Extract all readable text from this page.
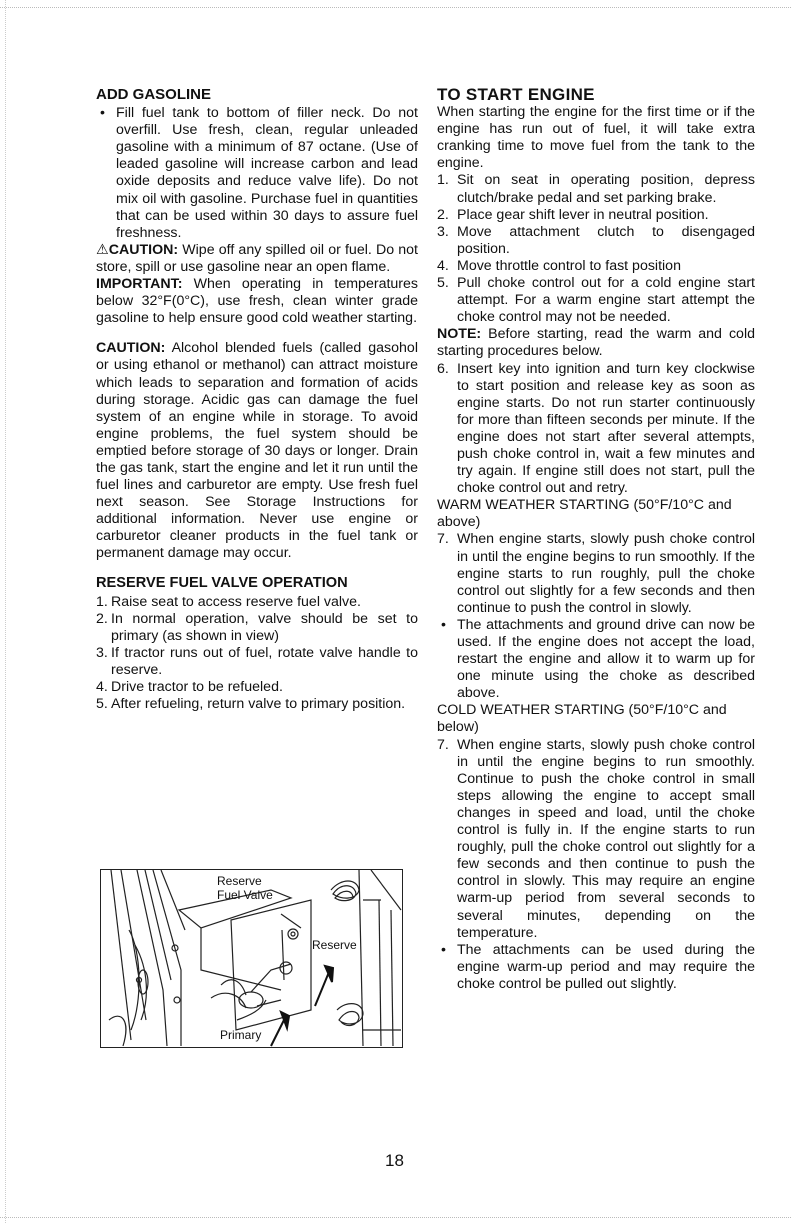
ADD GASOLINE
• Fill fuel tank to bottom of filler neck. Do not overfill. Use fresh, clean, regular unleaded gasoline with a minimum of 87 octane. (Use of leaded gasoline will increase carbon and lead oxide deposits and reduce valve life). Do not mix oil with gasoline. Purchase fuel in quantities that can be used within 30 days to assure fuel freshness.

⚠CAUTION: Wipe off any spilled oil or fuel. Do not store, spill or use gasoline near an open flame.

IMPORTANT: When operating in temperatures below 32°F(0°C), use fresh, clean winter grade gasoline to help ensure good cold weather starting.

CAUTION: Alcohol blended fuels (called gasohol or using ethanol or methanol) can attract moisture which leads to separation and formation of acids during storage. Acidic gas can damage the fuel system of an engine while in storage. To avoid engine problems, the fuel system should be emptied before storage of 30 days or longer. Drain the gas tank, start the engine and let it run until the fuel lines and carburetor are empty. Use fresh fuel next season. See Storage Instructions for additional information. Never use engine or carburetor cleaner products in the fuel tank or permanent damage may occur.

RESERVE FUEL VALVE OPERATION
1. Raise seat to access reserve fuel valve.
2. In normal operation, valve should be set to primary (as shown in view)
3. If tractor runs out of fuel, rotate valve handle to reserve.
4. Drive tractor to be refueled.
5. After refueling, return valve to primary position.
Reserve
Fuel Valve
Reserve
Primary
TO START ENGINE

When starting the engine for the first time or if the engine has run out of fuel, it will take extra cranking time to move fuel from the tank to the engine.

1. Sit on seat in operating position, depress clutch/brake pedal and set parking brake.
2. Place gear shift lever in neutral position.
3. Move attachment clutch to disengaged position.
4. Move throttle control to fast position
5. Pull choke control out for a cold engine start attempt. For a warm engine start attempt the choke control may not be needed.

NOTE: Before starting, read the warm and cold starting procedures below.

6. Insert key into ignition and turn key clockwise to start position and release key as soon as engine starts. Do not run starter continuously for more than fifteen seconds per minute. If the engine does not start after several attempts, push choke control in, wait a few minutes and try again. If engine still does not start, pull the choke control out and retry.

WARM WEATHER STARTING (50°F/10°C and above)

7. When engine starts, slowly push choke control in until the engine begins to run smoothly. If the engine starts to run roughly, pull the choke control out slightly for a few seconds and then continue to push the control in slowly.
• The attachments and ground drive can now be used. If the engine does not accept the load, restart the engine and allow it to warm up for one minute using the choke as described above.

COLD WEATHER STARTING (50°F/10°C and below)

7. When engine starts, slowly push choke control in until the engine begins to run smoothly. Continue to push the choke control in small steps allowing the engine to accept small changes in speed and load, until the choke control is fully in. If the engine starts to run roughly, pull the choke control out slightly for a few seconds and then continue to push the control in slowly. This may require an engine warm-up period from several seconds to several minutes, depending on the temperature.
• The attachments can be used during the engine warm-up period and may require the choke control be pulled out slightly.
18
